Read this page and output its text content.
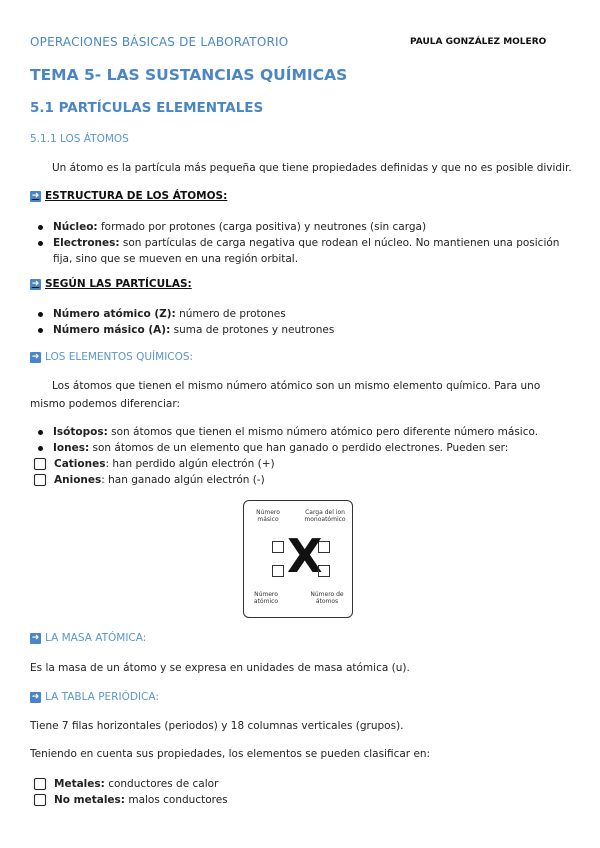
OPERACIONES BÁSICAS DE LABORATORIO	PAULA GONZÁLEZ MOLERO
TEMA 5- LAS SUSTANCIAS QUÍMICAS
5.1 PARTÍCULAS ELEMENTALES
5.1.1 LOS ÁTOMOS
Un átomo es la partícula más pequeña que tiene propiedades definidas y que no es posible dividir.
➜ ESTRUCTURA DE LOS ÁTOMOS:
Núcleo: formado por protones (carga positiva) y neutrones (sin carga)
Electrones: son partículas de carga negativa que rodean el núcleo. No mantienen una posición fija, sino que se mueven en una región orbital.
➜ SEGÚN LAS PARTÍCULAS:
Número atómico (Z): número de protones
Número másico (A): suma de protones y neutrones
➜ LOS ELEMENTOS QUÍMICOS:
Los átomos que tienen el mismo número atómico son un mismo elemento químico. Para uno mismo podemos diferenciar:
Isótopos: son átomos que tienen el mismo número atómico pero diferente número másico.
Iones: son átomos de un elemento que han ganado o perdido electrones. Pueden ser:
Cationes: han perdido algún electrón (+)
Aniones: han ganado algún electrón (-)
Número másico
Carga del ion monoatómico
X
Número atómico
Número de átomos
➜ LA MASA ATÓMICA:
Es la masa de un átomo y se expresa en unidades de masa atómica (u).
➜ LA TABLA PERIÓDICA:
Tiene 7 filas horizontales (periodos) y 18 columnas verticales (grupos).
Teniendo en cuenta sus propiedades, los elementos se pueden clasificar en:
Metales: conductores de calor
No metales: malos conductores
